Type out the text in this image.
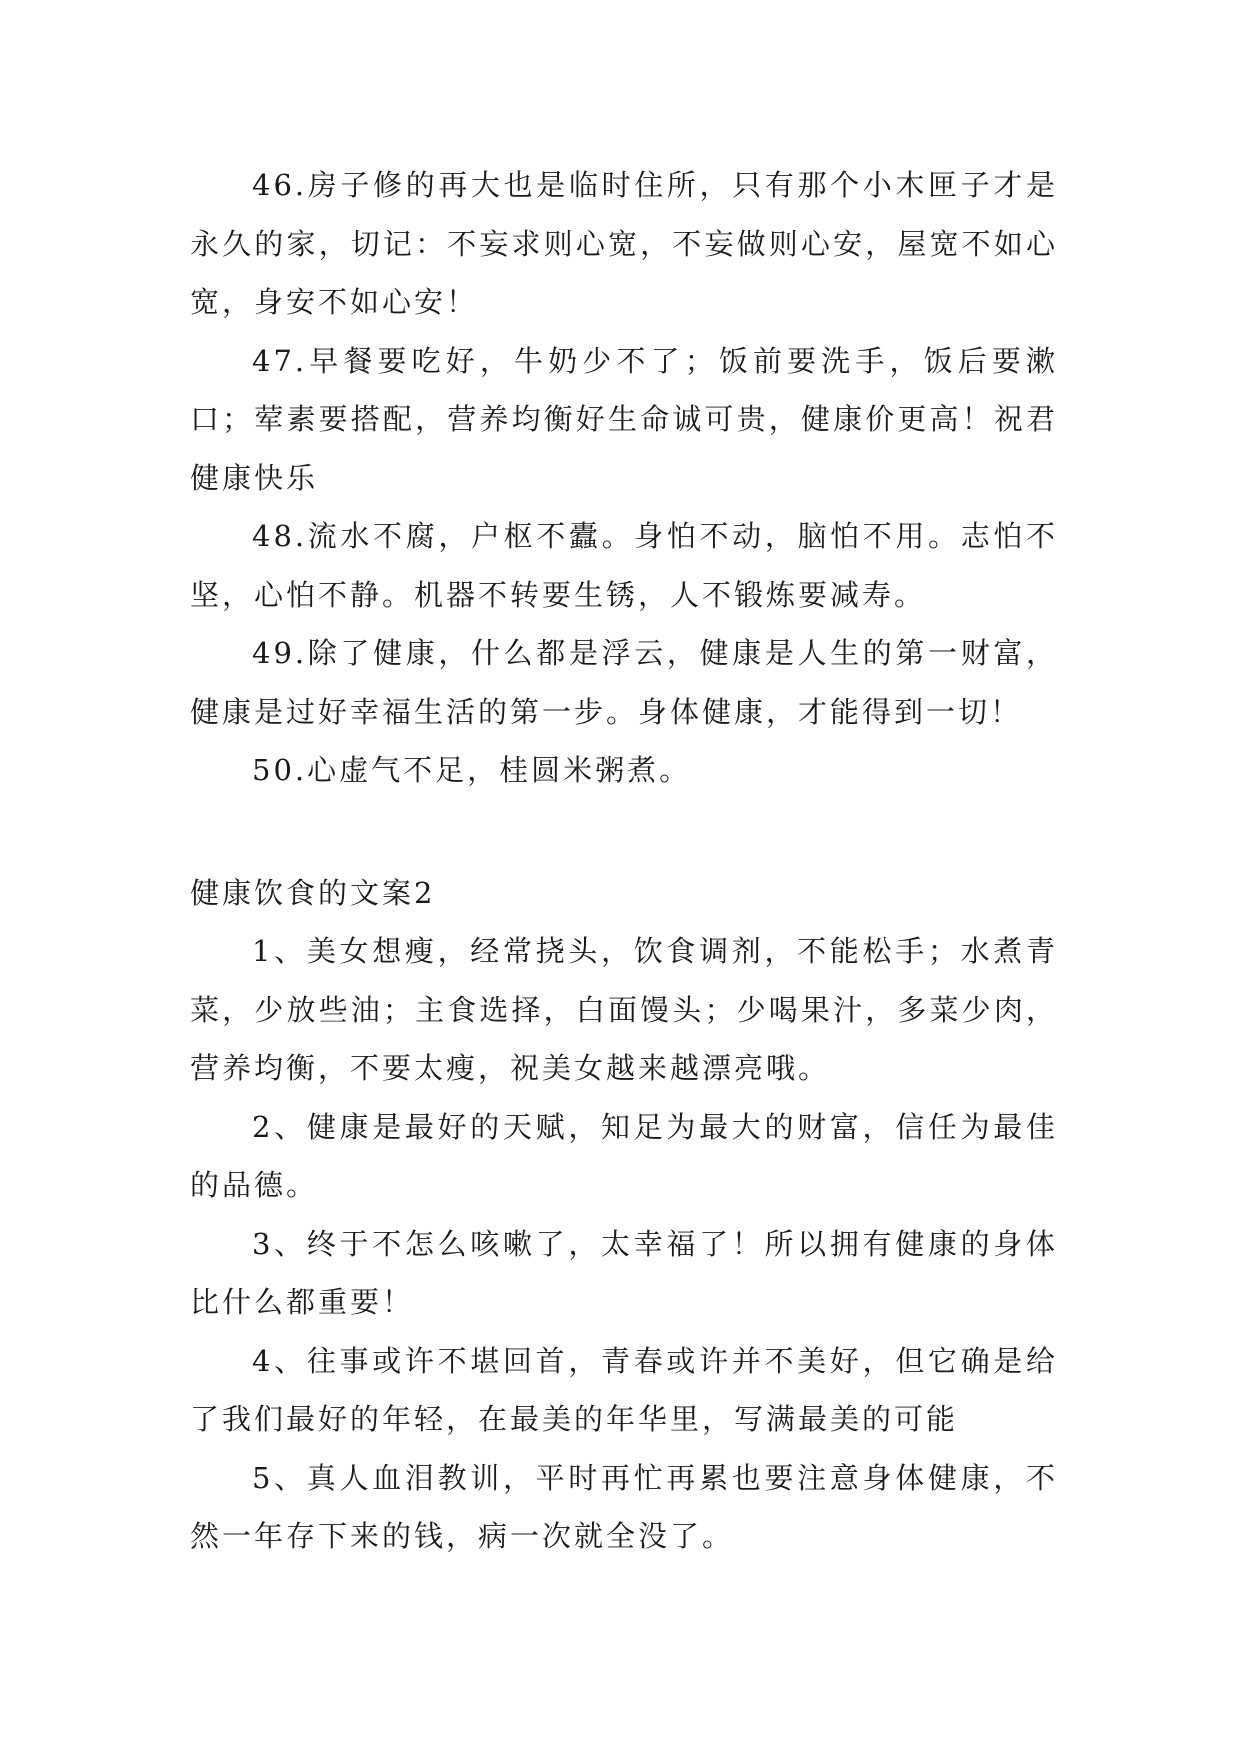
46.房子修的再大也是临时住所，只有那个小木匣子才是永久的家，切记：不妄求则心宽，不妄做则心安，屋宽不如心宽，身安不如心安！

47.早餐要吃好，牛奶少不了；饭前要洗手，饭后要漱口；荤素要搭配，营养均衡好生命诚可贵，健康价更高！祝君健康快乐

48.流水不腐，户枢不蠹。身怕不动，脑怕不用。志怕不坚，心怕不静。机器不转要生锈，人不锻炼要减寿。

49.除了健康，什么都是浮云，健康是人生的第一财富，健康是过好幸福生活的第一步。身体健康，才能得到一切！

50.心虚气不足，桂圆米粥煮。

健康饮食的文案2

1、美女想瘦，经常挠头，饮食调剂，不能松手；水煮青菜，少放些油；主食选择，白面馒头；少喝果汁，多菜少肉，营养均衡，不要太瘦，祝美女越来越漂亮哦。

2、健康是最好的天赋，知足为最大的财富，信任为最佳的品德。

3、终于不怎么咳嗽了，太幸福了！所以拥有健康的身体比什么都重要！

4、往事或许不堪回首，青春或许并不美好，但它确是给了我们最好的年轻，在最美的年华里，写满最美的可能

5、真人血泪教训，平时再忙再累也要注意身体健康，不然一年存下来的钱，病一次就全没了。
